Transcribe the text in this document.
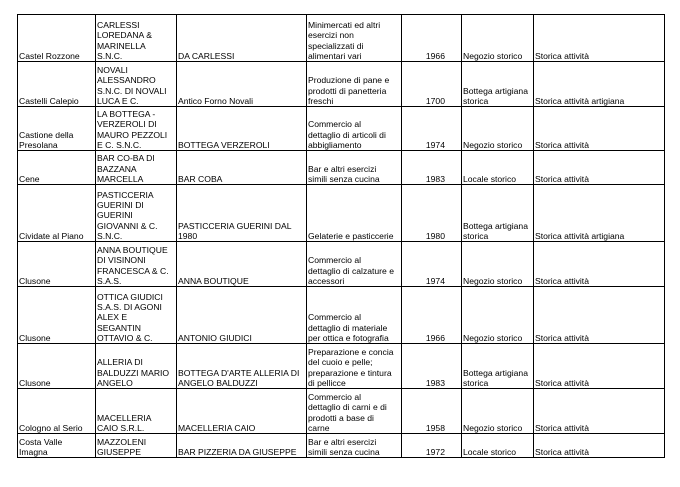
Castel Rozzone	CARLESSI
LOREDANA &
MARINELLA
S.N.C.	DA CARLESSI	Minimercati ed altri
esercizi non
specializzati di
alimentari vari	1966	Negozio storico	Storica attività
Castelli Calepio	NOVALI
ALESSANDRO
S.N.C. DI NOVALI
LUCA E C.	Antico Forno Novali	Produzione di pane e
prodotti di panetteria
freschi	1700	Bottega artigiana
storica	Storica attività artigiana
Castione della
Presolana	LA BOTTEGA -
VERZEROLI DI
MAURO PEZZOLI
E C. S.N.C.	BOTTEGA VERZEROLI	Commercio al
dettaglio di articoli di
abbigliamento	1974	Negozio storico	Storica attività
Cene	BAR CO-BA DI
BAZZANA
MARCELLA	BAR COBA	Bar e altri esercizi
simili senza cucina	1983	Locale storico	Storica attività
Cividate al Piano	PASTICCERIA
GUERINI DI
GUERINI
GIOVANNI & C.
S.N.C.	PASTICCERIA GUERINI DAL
1980	Gelaterie e pasticcerie	1980	Bottega artigiana
storica	Storica attività artigiana
Clusone	ANNA BOUTIQUE
DI VISINONI
FRANCESCA & C.
S.A.S.	ANNA BOUTIQUE	Commercio al
dettaglio di calzature e
accessori	1974	Negozio storico	Storica attività
Clusone	OTTICA GIUDICI
S.A.S. DI AGONI
ALEX E
SEGANTIN
OTTAVIO & C.	ANTONIO GIUDICI	Commercio al
dettaglio di materiale
per ottica e fotografia	1966	Negozio storico	Storica attività
Clusone	ALLERIA DI
BALDUZZI MARIO
ANGELO	BOTTEGA D'ARTE ALLERIA DI
ANGELO BALDUZZI	Preparazione e concia
del cuoio e pelle;
preparazione e tintura
di pellicce	1983	Bottega artigiana
storica	Storica attività
Cologno al Serio	MACELLERIA
CAIO S.R.L.	MACELLERIA CAIO	Commercio al
dettaglio di carni e di
prodotti a base di
carne	1958	Negozio storico	Storica attività
Costa Valle
Imagna	MAZZOLENI
GIUSEPPE	BAR PIZZERIA DA GIUSEPPE	Bar e altri esercizi
simili senza cucina	1972	Locale storico	Storica attività
